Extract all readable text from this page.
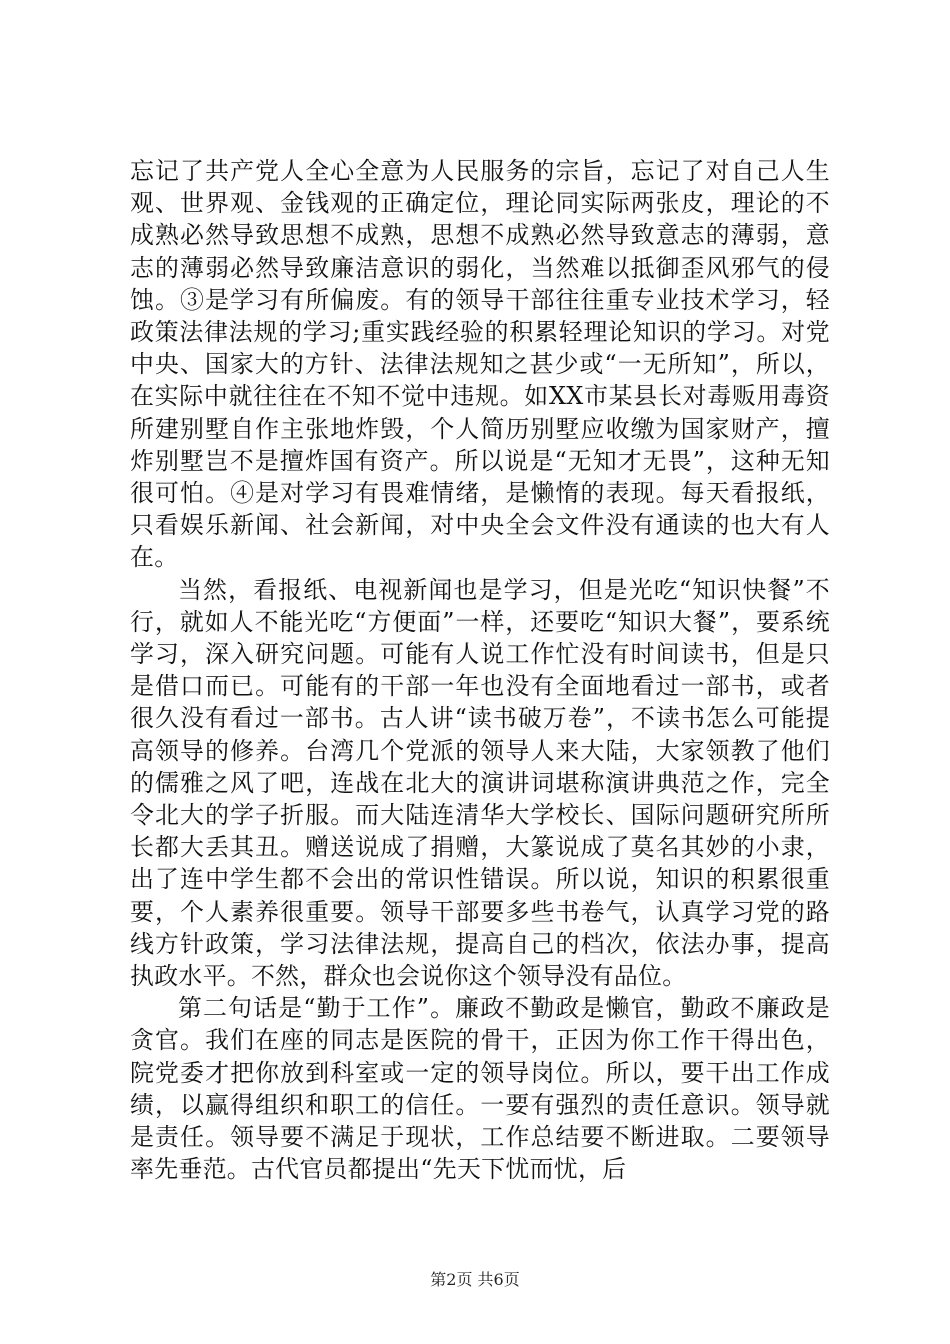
忘记了共产党人全心全意为人民服务的宗旨，忘记了对自己人生观、世界观、金钱观的正确定位，理论同实际两张皮，理论的不成熟必然导致思想不成熟，思想不成熟必然导致意志的薄弱，意志的薄弱必然导致廉洁意识的弱化，当然难以抵御歪风邪气的侵蚀。③是学习有所偏废。有的领导干部往往重专业技术学习，轻政策法律法规的学习;重实践经验的积累轻理论知识的学习。对党中央、国家大的方针、法律法规知之甚少或“一无所知”，所以，在实际中就往往在不知不觉中违规。如XX市某县长对毒贩用毒资所建别墅自作主张地炸毁，个人简历别墅应收缴为国家财产，擅炸别墅岂不是擅炸国有资产。所以说是“无知才无畏”，这种无知很可怕。④是对学习有畏难情绪，是懒惰的表现。每天看报纸，只看娱乐新闻、社会新闻，对中央全会文件没有通读的也大有人在。

当然，看报纸、电视新闻也是学习，但是光吃“知识快餐”不行，就如人不能光吃“方便面”一样，还要吃“知识大餐”，要系统学习，深入研究问题。可能有人说工作忙没有时间读书，但是只是借口而已。可能有的干部一年也没有全面地看过一部书，或者很久没有看过一部书。古人讲“读书破万卷”，不读书怎么可能提高领导的修养。台湾几个党派的领导人来大陆，大家领教了他们的儒雅之风了吧，连战在北大的演讲词堪称演讲典范之作，完全令北大的学子折服。而大陆连清华大学校长、国际问题研究所所长都大丢其丑。赠送说成了捐赠，大篆说成了莫名其妙的小隶，出了连中学生都不会出的常识性错误。所以说，知识的积累很重要，个人素养很重要。领导干部要多些书卷气，认真学习党的路线方针政策，学习法律法规，提高自己的档次，依法办事，提高执政水平。不然，群众也会说你这个领导没有品位。

第二句话是“勤于工作”。廉政不勤政是懒官，勤政不廉政是贪官。我们在座的同志是医院的骨干，正因为你工作干得出色，院党委才把你放到科室或一定的领导岗位。所以，要干出工作成绩，以赢得组织和职工的信任。一要有强烈的责任意识。领导就是责任。领导要不满足于现状，工作总结要不断进取。二要领导率先垂范。古代官员都提出“先天下忧而忧，后

第2页 共6页
